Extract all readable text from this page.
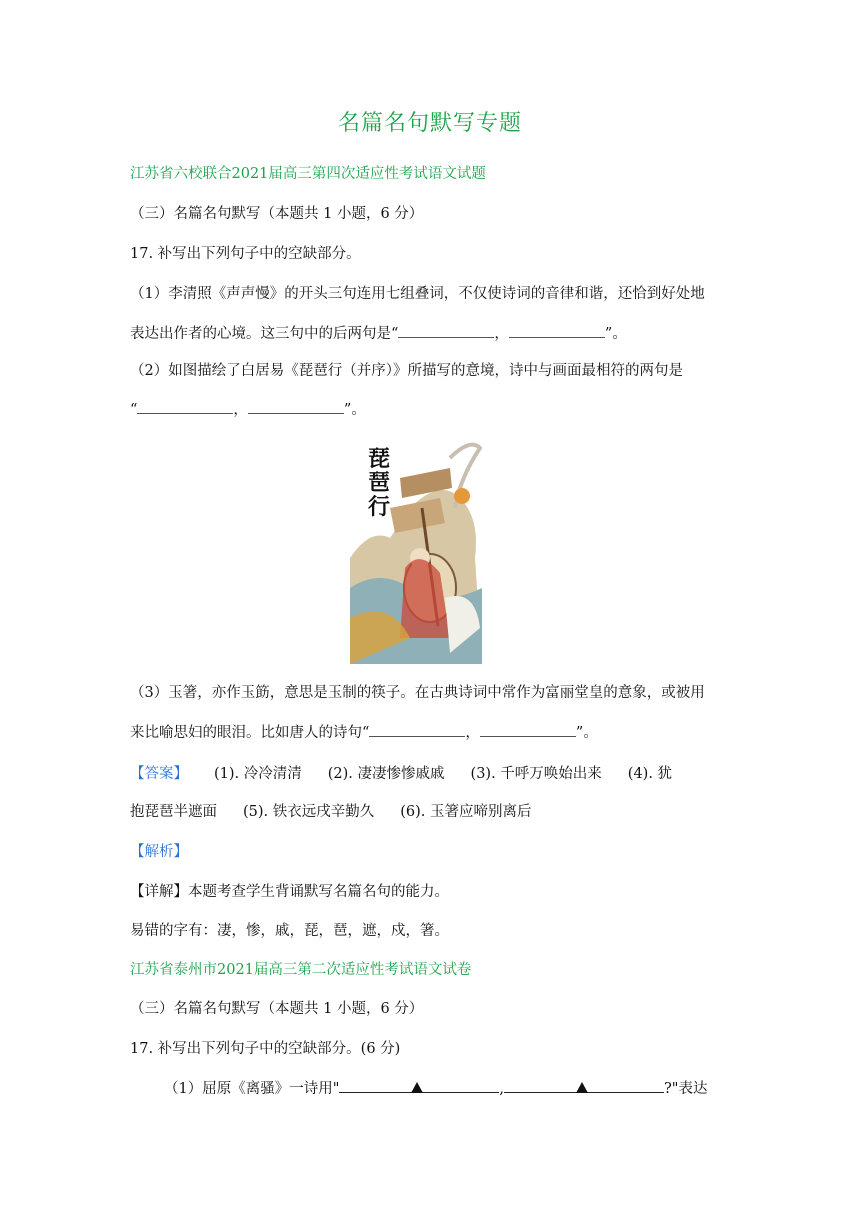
名篇名句默写专题
江苏省六校联合2021届高三第四次适应性考试语文试题
（三）名篇名句默写（本题共 1 小题，6 分）
17. 补写出下列句子中的空缺部分。
（1）李清照《声声慢》的开头三句连用七组叠词，不仅使诗词的音律和谐，还恰到好处地
表达出作者的心境。这三句中的后两句是“	，	”。
（2）如图描绘了白居易《琵琶行（并序）》所描写的意境，诗中与画面最相符的两句是
“	，	”。
琵
琶
行
（3）玉箸，亦作玉筯，意思是玉制的筷子。在古典诗词中常作为富丽堂皇的意象，或被用
来比喻思妇的眼泪。比如唐人的诗句“	，	”。
【答案】 (1). 冷冷清清 (2). 凄凄惨惨戚戚 (3). 千呼万唤始出来 (4). 犹
抱琵琶半遮面 (5). 铁衣远戌辛勤久 (6). 玉箸应啼别离后
【解析】
【详解】本题考查学生背诵默写名篇名句的能力。
易错的字有：凄，惨，戚，琵，琶，遮，戍，箸。
江苏省泰州市2021届高三第二次适应性考试语文试卷
（三）名篇名句默写（本题共 1 小题，6 分）
17. 补写出下列句子中的空缺部分。(6 分)
（1）屈原《离骚》一诗用"	,	?"表达
